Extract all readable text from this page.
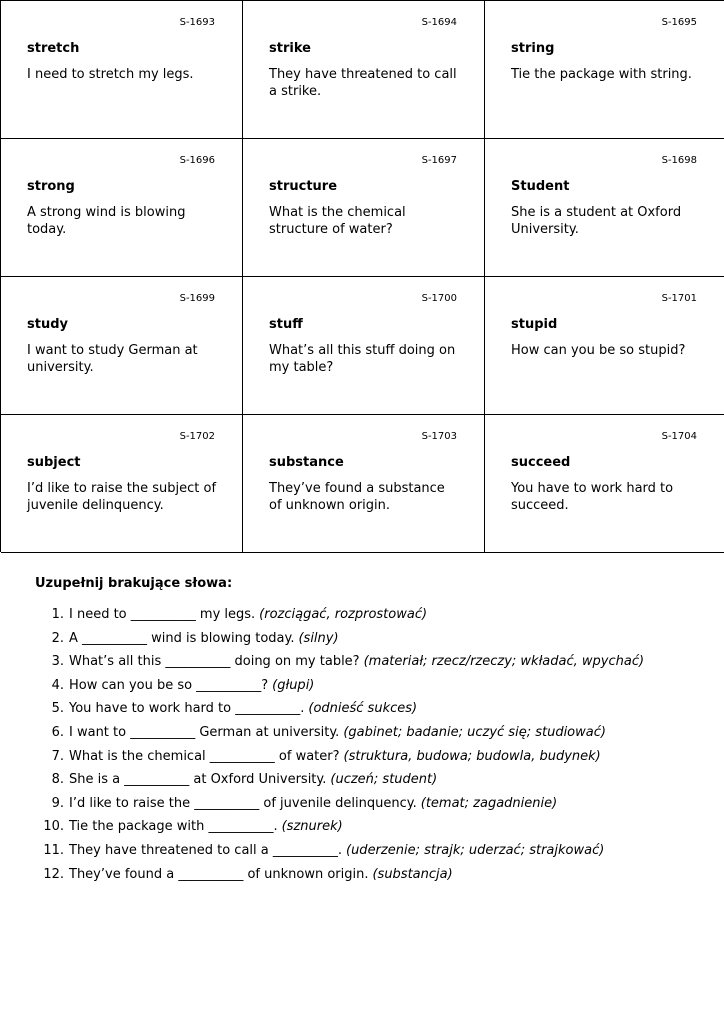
S-1693
stretch
I need to stretch my legs.
S-1694
strike
They have threatened to call a strike.
S-1695
string
Tie the package with string.
S-1696
strong
A strong wind is blowing today.
S-1697
structure
What is the chemical structure of water?
S-1698
Student
She is a student at Oxford University.
S-1699
study
I want to study German at university.
S-1700
stuff
What’s all this stuff doing on my table?
S-1701
stupid
How can you be so stupid?
S-1702
subject
I’d like to raise the subject of juvenile delinquency.
S-1703
substance
They’ve found a substance of unknown origin.
S-1704
succeed
You have to work hard to succeed.
Uzupełnij brakujące słowa:
1. I need to __________ my legs. (rozciągać, rozprostować)
2. A __________ wind is blowing today. (silny)
3. What’s all this __________ doing on my table? (materiał; rzecz/rzeczy; wkładać, wpychać)
4. How can you be so __________? (głupi)
5. You have to work hard to __________. (odnieść sukces)
6. I want to __________ German at university. (gabinet; badanie; uczyć się; studiować)
7. What is the chemical __________ of water? (struktura, budowa; budowla, budynek)
8. She is a __________ at Oxford University. (uczeń; student)
9. I’d like to raise the __________ of juvenile delinquency. (temat; zagadnienie)
10. Tie the package with __________. (sznurek)
11. They have threatened to call a __________. (uderzenie; strajk; uderzać; strajkować)
12. They’ve found a __________ of unknown origin. (substancja)
